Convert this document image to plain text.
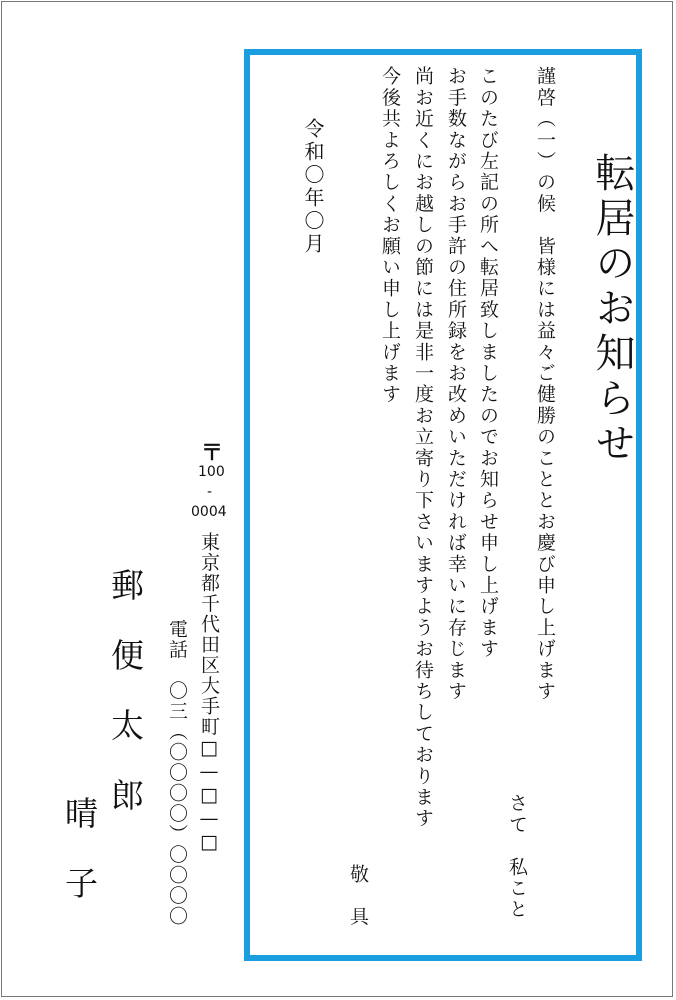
転居のお知らせ
謹啓（一）の候　皆様には益々ご健勝のこととお慶び申し上げます
さて　私こと
このたび左記の所へ転居致しましたのでお知らせ申し上げます
お手数ながらお手許の住所録をお改めいただければ幸いに存じます
尚お近くにお越しの節には是非一度お立寄り下さいますようお待ちしております
今後共よろしくお願い申し上げます
敬　具
令和〇年〇月
〒
100
-
0004
東京都千代田区大手町□—□—□
電話　〇三（〇〇〇〇）〇〇〇〇
郵　便　太　郎
晴　子
